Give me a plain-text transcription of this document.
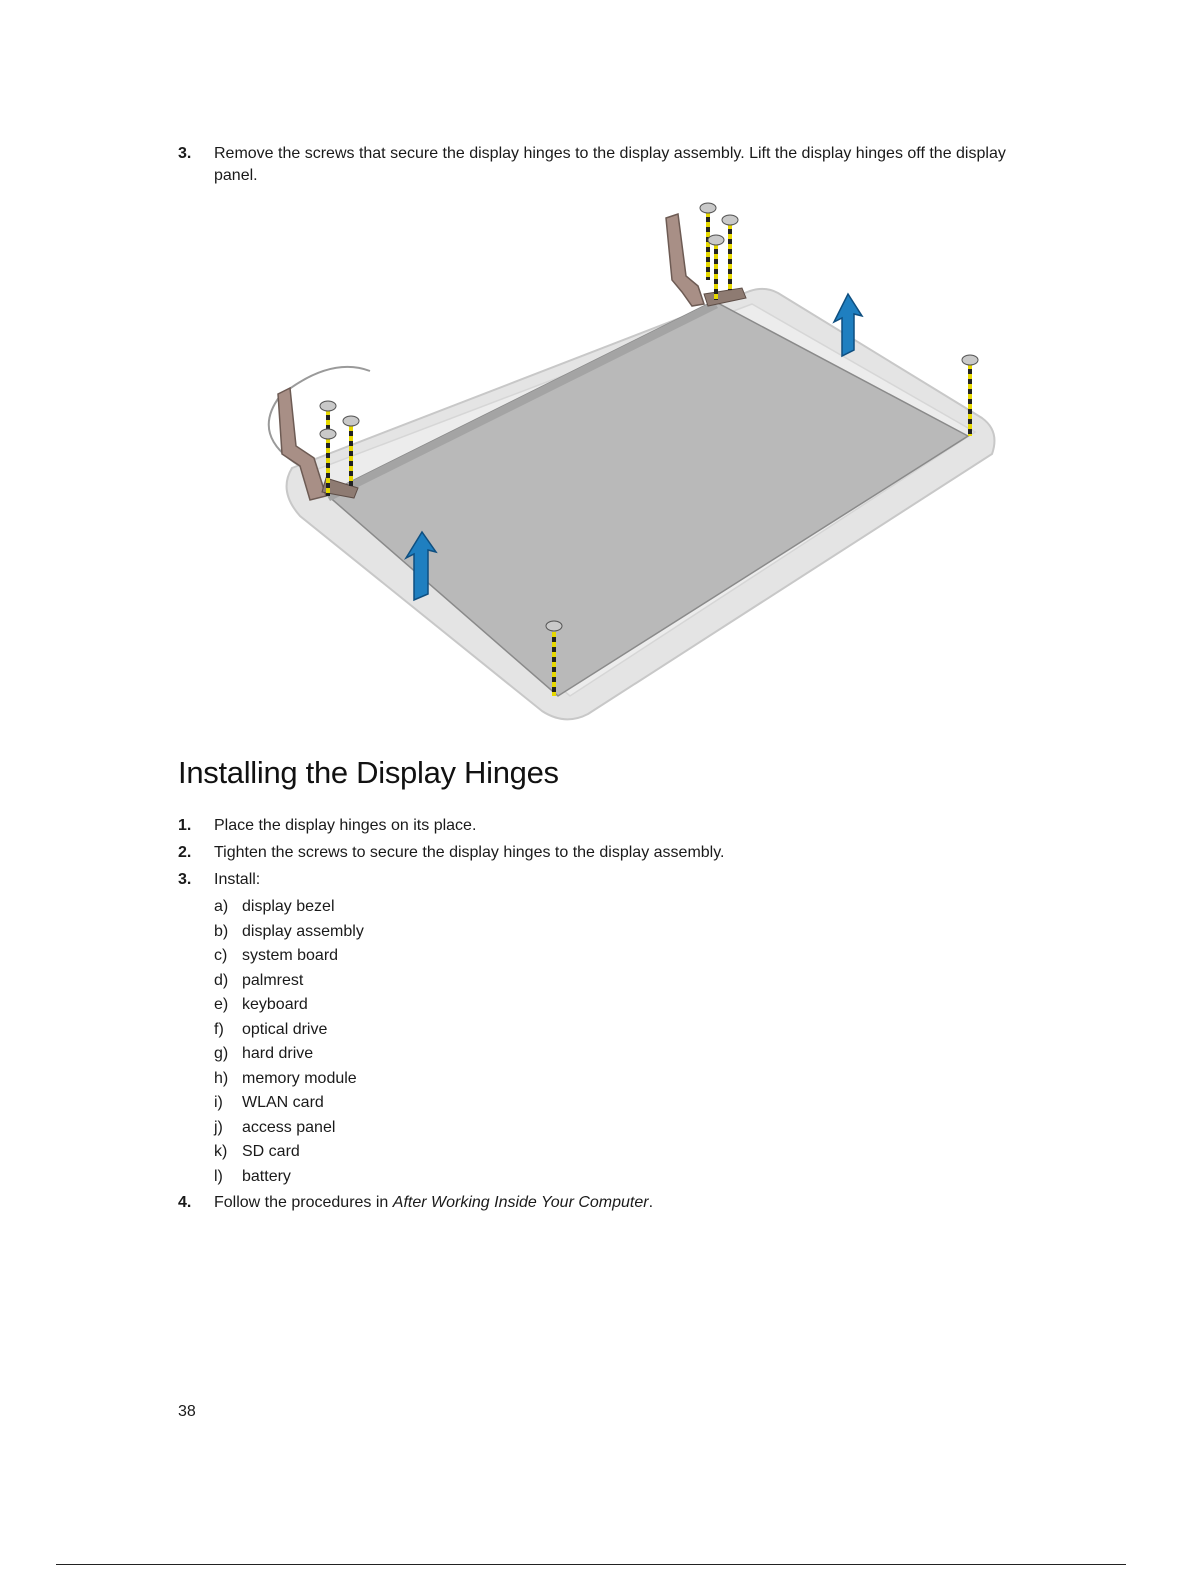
3. Remove the screws that secure the display hinges to the display assembly. Lift the display hinges off the display panel.
Installing the Display Hinges
1. Place the display hinges on its place.
2. Tighten the screws to secure the display hinges to the display assembly.
3. Install:
a) display bezel
b) display assembly
c) system board
d) palmrest
e) keyboard
f) optical drive
g) hard drive
h) memory module
i) WLAN card
j) access panel
k) SD card
l) battery
4. Follow the procedures in After Working Inside Your Computer.
38
